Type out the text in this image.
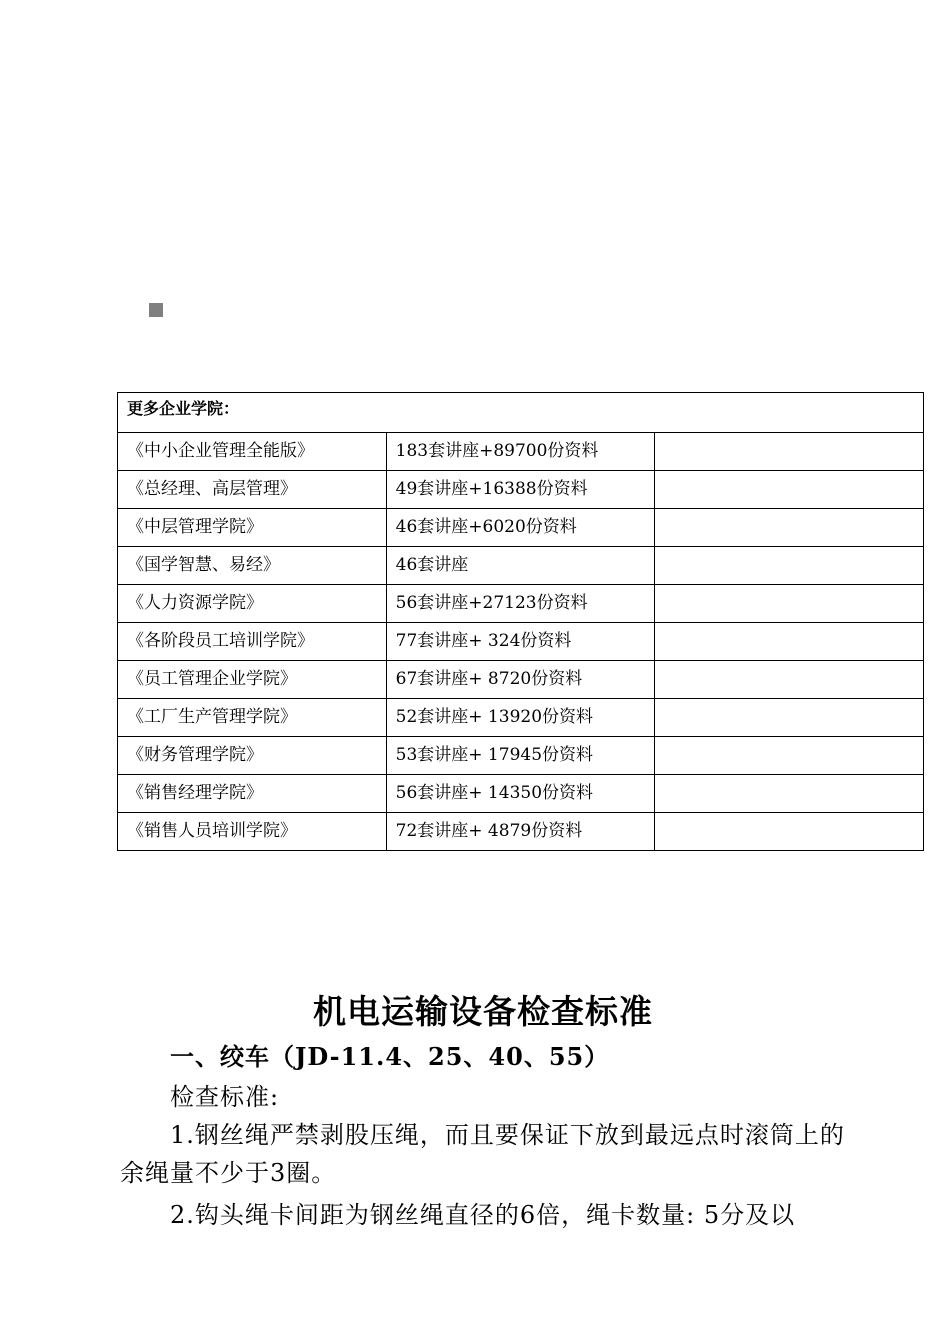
更多企业学院：		
《中小企业管理全能版》	183套讲座+89700份资料	
《总经理、高层管理》	49套讲座+16388份资料	
《中层管理学院》	46套讲座+6020份资料	
《国学智慧、易经》	46套讲座	
《人力资源学院》	56套讲座+27123份资料	
《各阶段员工培训学院》	77套讲座+ 324份资料	
《员工管理企业学院》	67套讲座+ 8720份资料	
《工厂生产管理学院》	52套讲座+ 13920份资料	
《财务管理学院》	53套讲座+ 17945份资料	
《销售经理学院》	56套讲座+ 14350份资料	
《销售人员培训学院》	72套讲座+ 4879份资料	
机电运输设备检查标准
一、绞车（JD-11.4、25、40、55）
检查标准:
1.钢丝绳严禁剥股压绳，而且要保证下放到最远点时滚筒上的余绳量不少于3圈。
2.钩头绳卡间距为钢丝绳直径的6倍，绳卡数量: 5分及以
